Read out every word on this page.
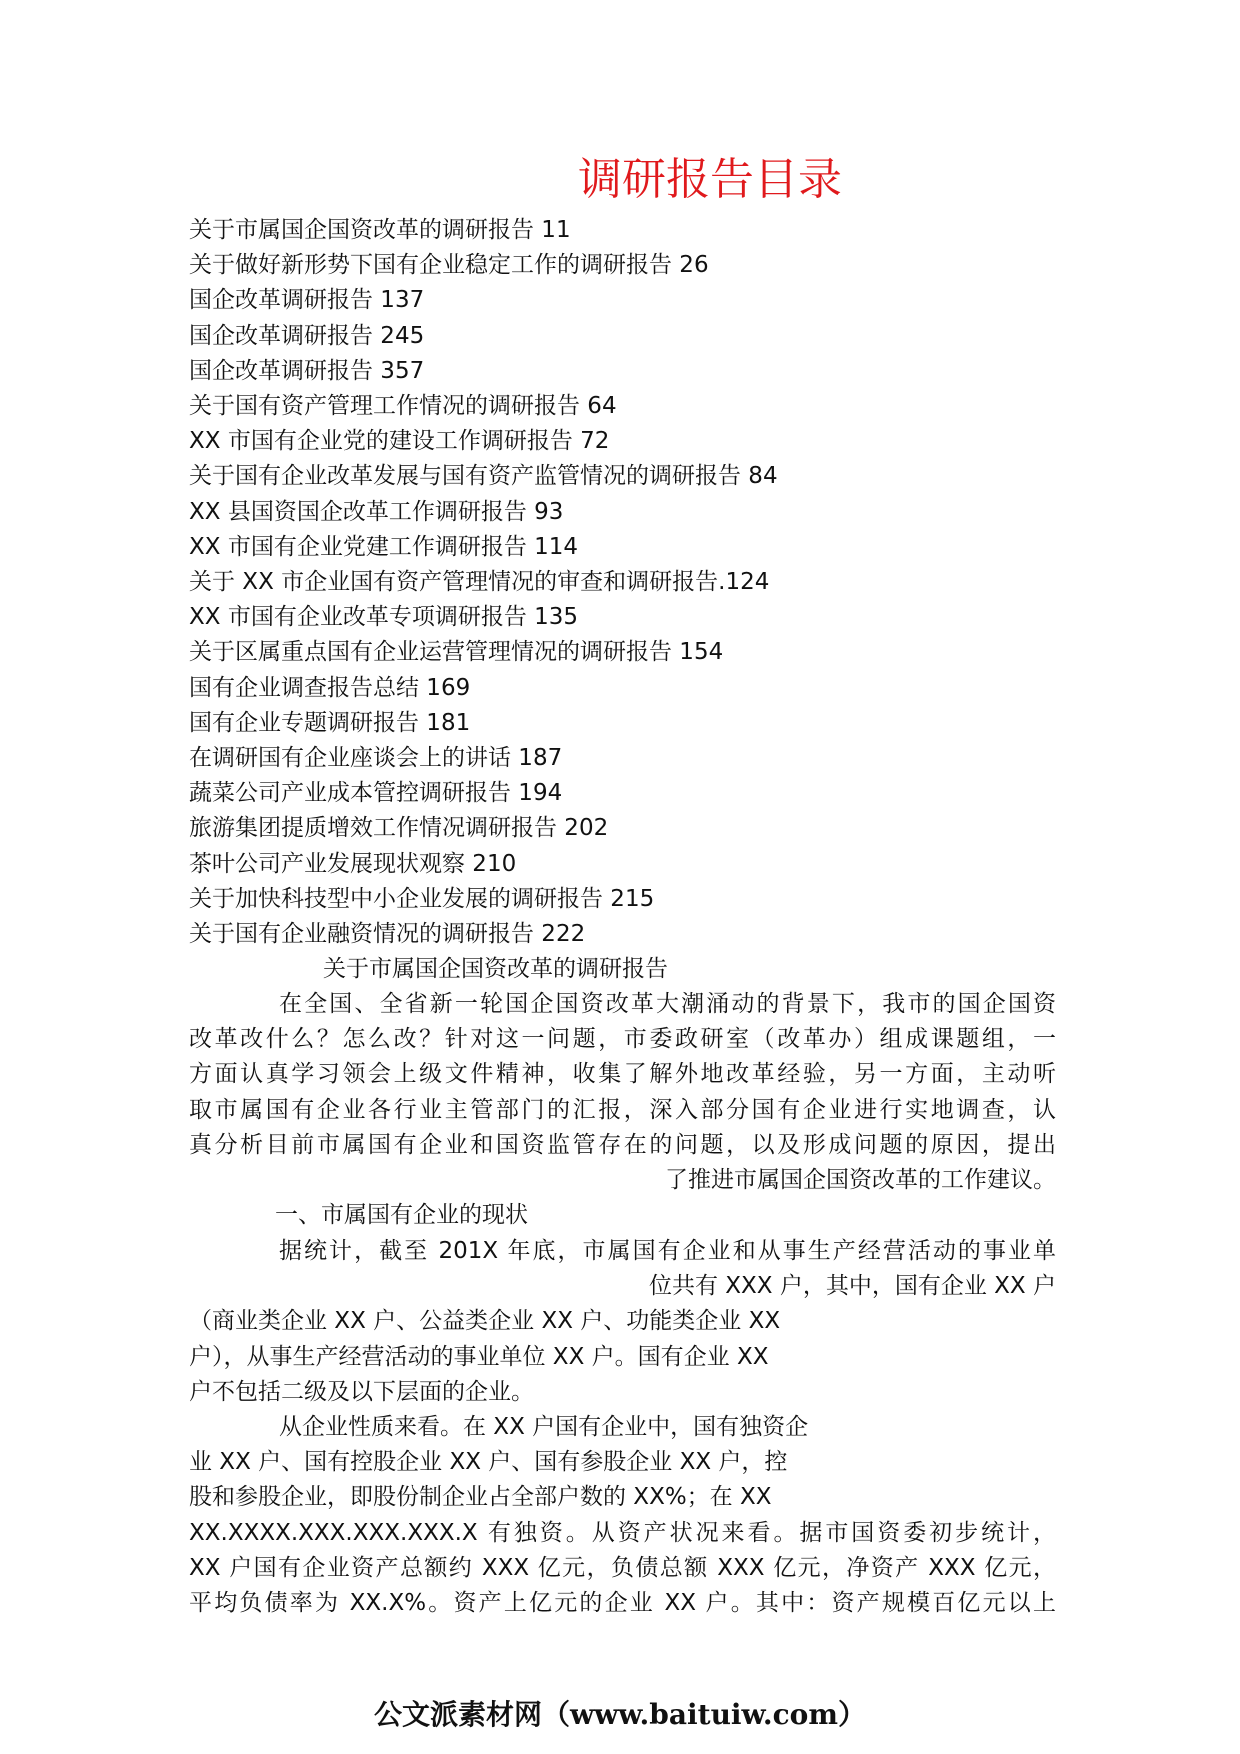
调研报告目录
关于市属国企国资改革的调研报告 11
关于做好新形势下国有企业稳定工作的调研报告 26
国企改革调研报告 137
国企改革调研报告 245
国企改革调研报告 357
关于国有资产管理工作情况的调研报告 64
XX 市国有企业党的建设工作调研报告 72
关于国有企业改革发展与国有资产监管情况的调研报告 84
XX 县国资国企改革工作调研报告 93
XX 市国有企业党建工作调研报告 114
关于 XX 市企业国有资产管理情况的审查和调研报告.124
XX 市国有企业改革专项调研报告 135
关于区属重点国有企业运营管理情况的调研报告 154
国有企业调查报告总结 169
国有企业专题调研报告 181
在调研国有企业座谈会上的讲话 187
蔬菜公司产业成本管控调研报告 194
旅游集团提质增效工作情况调研报告 202
茶叶公司产业发展现状观察 210
关于加快科技型中小企业发展的调研报告 215
关于国有企业融资情况的调研报告 222
关于市属国企国资改革的调研报告
在全国、全省新一轮国企国资改革大潮涌动的背景下，我市的国企国资
改革改什么？怎么改？针对这一问题，市委政研室（改革办）组成课题组，一
方面认真学习领会上级文件精神，收集了解外地改革经验，另一方面，主动听
取市属国有企业各行业主管部门的汇报，深入部分国有企业进行实地调查，认
真分析目前市属国有企业和国资监管存在的问题，以及形成问题的原因，提出
了推进市属国企国资改革的工作建议。
一、市属国有企业的现状
据统计，截至 201X 年底，市属国有企业和从事生产经营活动的事业单
位共有 XXX 户，其中，国有企业 XX 户
（商业类企业 XX 户、公益类企业 XX 户、功能类企业 XX
户），从事生产经营活动的事业单位 XX 户。国有企业 XX
户不包括二级及以下层面的企业。
从企业性质来看。在 XX 户国有企业中，国有独资企
业 XX 户、国有控股企业 XX 户、国有参股企业 XX 户，控
股和参股企业，即股份制企业占全部户数的 XX%；在 XX
XX.XXXX.XXX.XXX.XXX.X 有独资。从资产状况来看。据市国资委初步统计，
XX 户国有企业资产总额约 XXX 亿元，负债总额 XXX 亿元，净资产 XXX 亿元，
平均负债率为 XX.X%。资产上亿元的企业 XX 户。其中：资产规模百亿元以上
公文派素材网（www.baituiw.com）
